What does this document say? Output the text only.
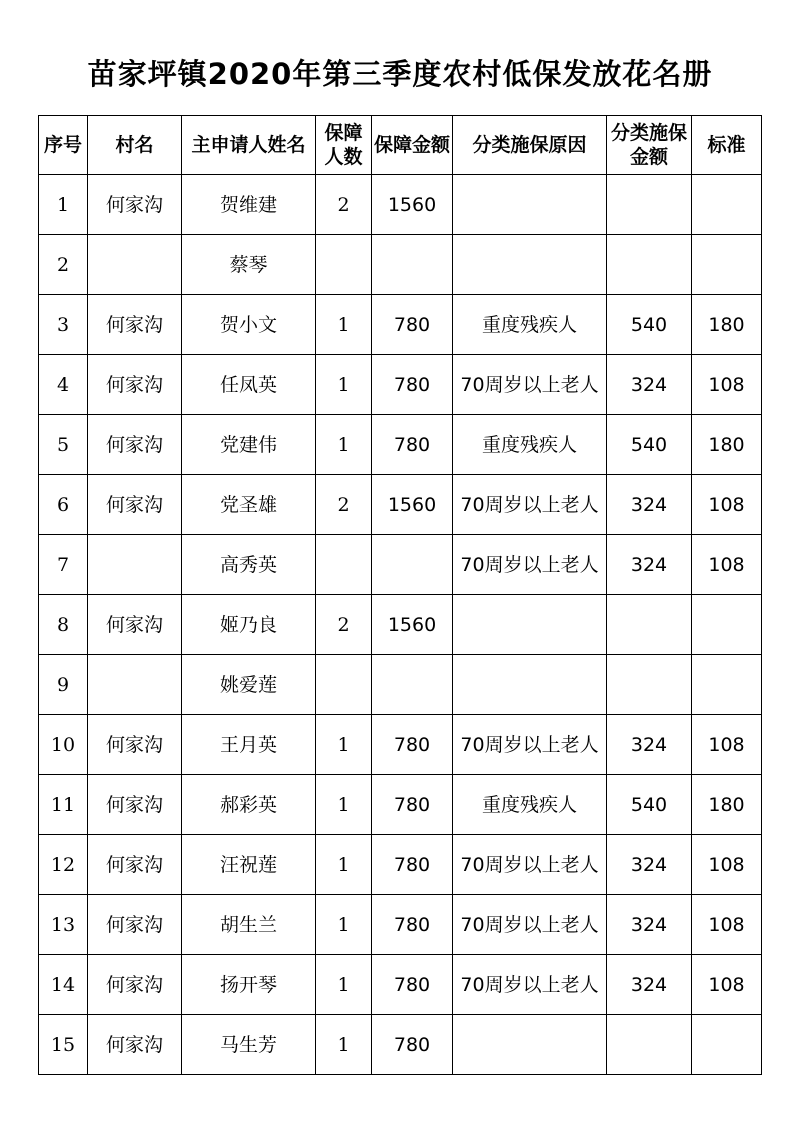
苗家坪镇2020年第三季度农村低保发放花名册
序号	村名	主申请人姓名	保障人数	保障金额	分类施保原因	分类施保金额	标准
1	何家沟	贺维建	2	1560			
2		蔡琴					
3	何家沟	贺小文	1	780	重度残疾人	540	180
4	何家沟	任凤英	1	780	70周岁以上老人	324	108
5	何家沟	党建伟	1	780	重度残疾人	540	180
6	何家沟	党圣雄	2	1560	70周岁以上老人	324	108
7		高秀英			70周岁以上老人	324	108
8	何家沟	姬乃良	2	1560			
9		姚爱莲					
10	何家沟	王月英	1	780	70周岁以上老人	324	108
11	何家沟	郝彩英	1	780	重度残疾人	540	180
12	何家沟	汪祝莲	1	780	70周岁以上老人	324	108
13	何家沟	胡生兰	1	780	70周岁以上老人	324	108
14	何家沟	扬开琴	1	780	70周岁以上老人	324	108
15	何家沟	马生芳	1	780			
